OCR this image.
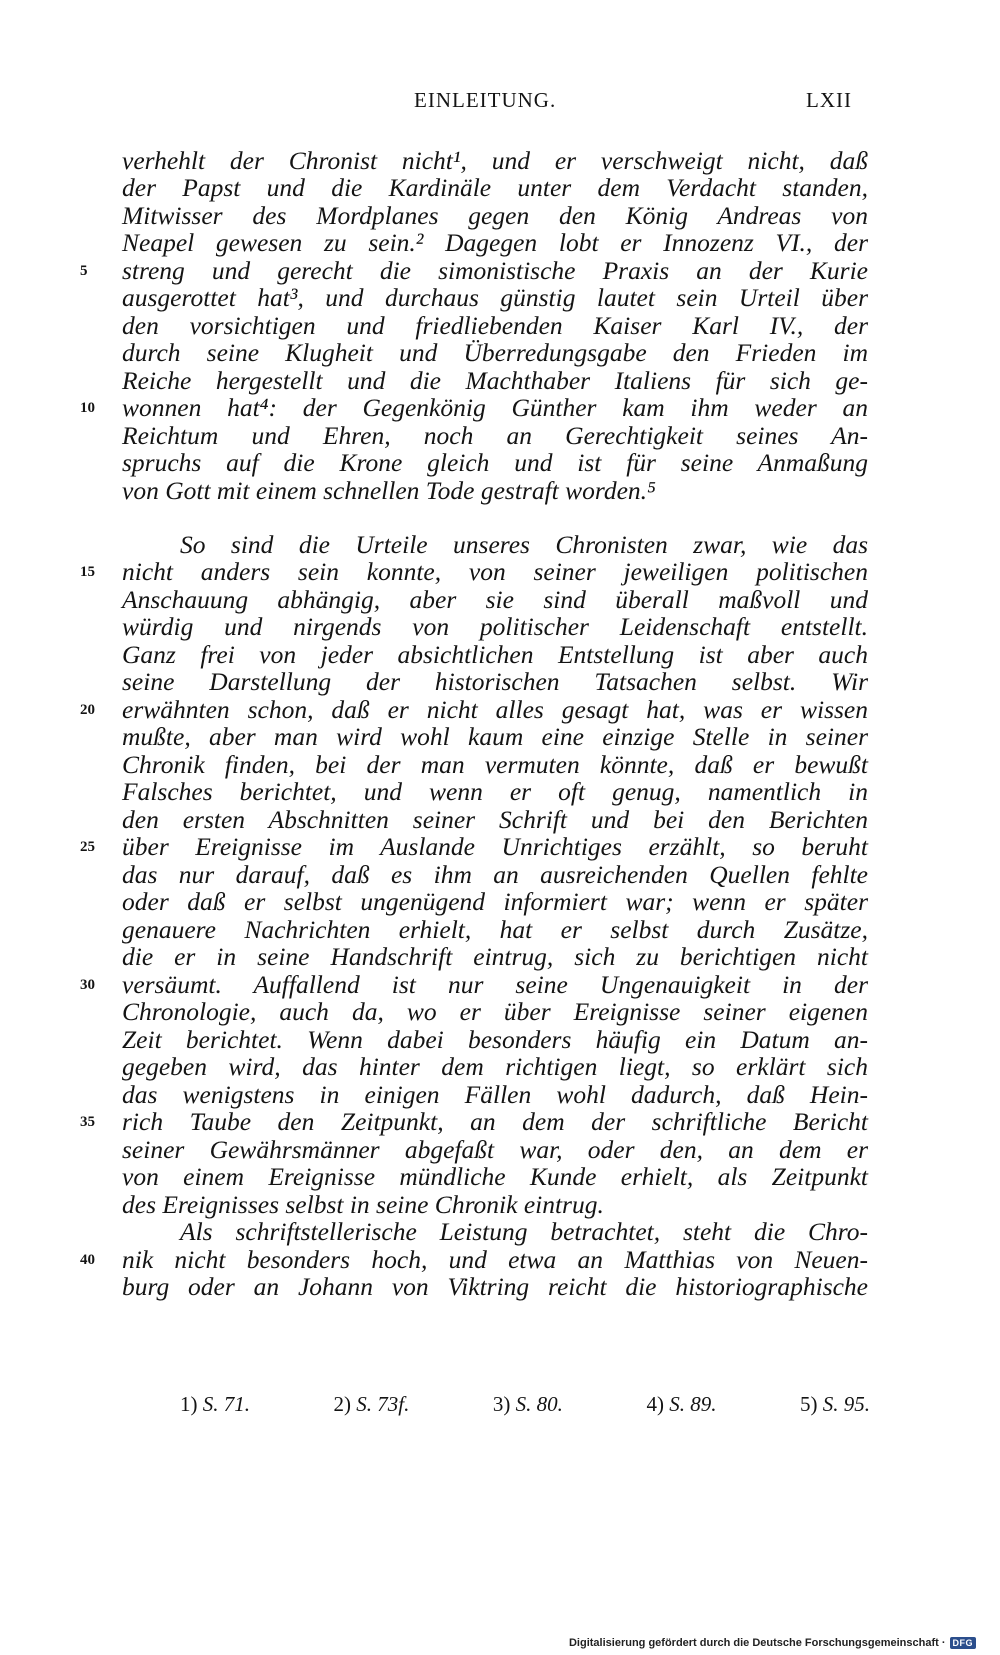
EINLEITUNG.	LXII
verhehlt der Chronist nicht¹, und er verschweigt nicht, daß
der Papst und die Kardinäle unter dem Verdacht standen,
Mitwisser des Mordplanes gegen den König Andreas von
Neapel gewesen zu sein.² Dagegen lobt er Innozenz VI., der
streng und gerecht die simonistische Praxis an der Kurie
ausgerottet hat³, und durchaus günstig lautet sein Urteil über
den vorsichtigen und friedliebenden Kaiser Karl IV., der
durch seine Klugheit und Überredungsgabe den Frieden im
Reiche hergestellt und die Machthaber Italiens für sich ge-
wonnen hat⁴: der Gegenkönig Günther kam ihm weder an
Reichtum und Ehren, noch an Gerechtigkeit seines An-
spruchs auf die Krone gleich und ist für seine Anmaßung
von Gott mit einem schnellen Tode gestraft worden.⁵
So sind die Urteile unseres Chronisten zwar, wie das
nicht anders sein konnte, von seiner jeweiligen politischen
Anschauung abhängig, aber sie sind überall maßvoll und
würdig und nirgends von politischer Leidenschaft entstellt.
Ganz frei von jeder absichtlichen Entstellung ist aber auch
seine Darstellung der historischen Tatsachen selbst. Wir
erwähnten schon, daß er nicht alles gesagt hat, was er wissen
mußte, aber man wird wohl kaum eine einzige Stelle in seiner
Chronik finden, bei der man vermuten könnte, daß er bewußt
Falsches berichtet, und wenn er oft genug, namentlich in
den ersten Abschnitten seiner Schrift und bei den Berichten
über Ereignisse im Auslande Unrichtiges erzählt, so beruht
das nur darauf, daß es ihm an ausreichenden Quellen fehlte
oder daß er selbst ungenügend informiert war; wenn er später
genauere Nachrichten erhielt, hat er selbst durch Zusätze,
die er in seine Handschrift eintrug, sich zu berichtigen nicht
versäumt. Auffallend ist nur seine Ungenauigkeit in der
Chronologie, auch da, wo er über Ereignisse seiner eigenen
Zeit berichtet. Wenn dabei besonders häufig ein Datum an-
gegeben wird, das hinter dem richtigen liegt, so erklärt sich
das wenigstens in einigen Fällen wohl dadurch, daß Hein-
rich Taube den Zeitpunkt, an dem der schriftliche Bericht
seiner Gewährsmänner abgefaßt war, oder den, an dem er
von einem Ereignisse mündliche Kunde erhielt, als Zeitpunkt
des Ereignisses selbst in seine Chronik eintrug.
Als schriftstellerische Leistung betrachtet, steht die Chro-
nik nicht besonders hoch, und etwa an Matthias von Neuen-
burg oder an Johann von Viktring reicht die historiographische
5
10
15
20
25
30
35
40
1) S. 71.	2) S. 73f.	3) S. 80.	4) S. 89.	5) S. 95.
Digitalisierung gefördert durch die Deutsche Forschungsgemeinschaft · DFG
